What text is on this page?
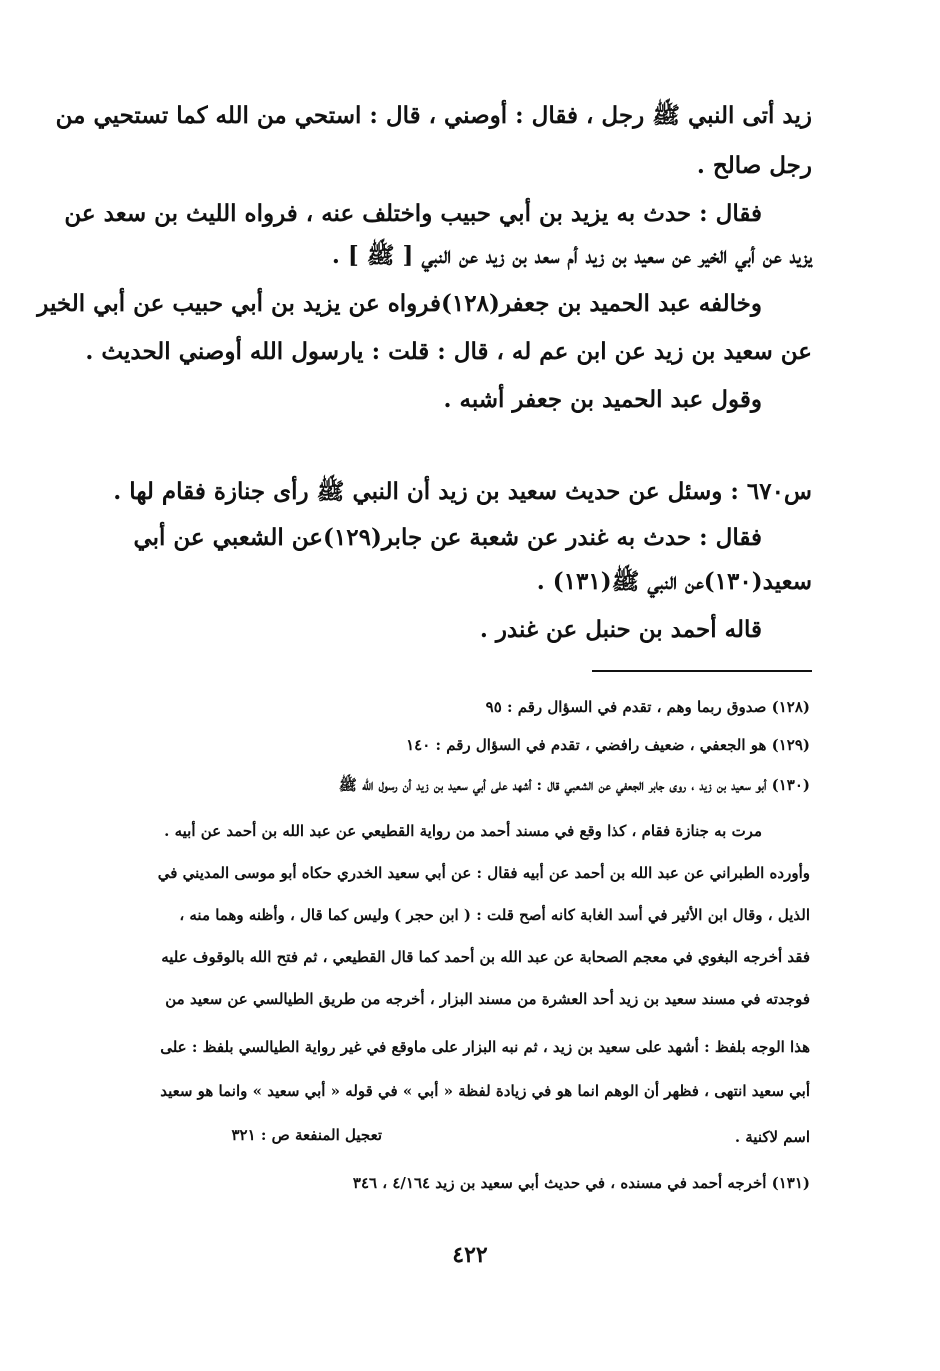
زيد أتى النبي ﷺ رجل ، فقال : أوصني ، قال : استحي من الله كما تستحيي من
رجل صالح .
فقال : حدث به يزيد بن أبي حبيب واختلف عنه ، فرواه الليث بن سعد عن
يزيد عن أبي الخير عن سعيد بن زيد أم سعد بن زيد عن النبي [ ﷺ ] .
وخالفه عبد الحميد بن جعفر(١٢٨)فرواه عن يزيد بن أبي حبيب عن أبي الخير
عن سعيد بن زيد عن ابن عم له ، قال : قلت : يارسول الله أوصني الحديث .
وقول عبد الحميد بن جعفر أشبه .
س٦٧٠ : وسئل عن حديث سعيد بن زيد أن النبي ﷺ رأى جنازة فقام لها .
فقال : حدث به غندر عن شعبة عن جابر(١٢٩)عن الشعبي عن أبي
سعيد(١٣٠)عن النبي ﷺ(١٣١) .
قاله أحمد بن حنبل عن غندر .
(١٢٨) صدوق ربما وهم ، تقدم في السؤال رقم : ٩٥
(١٢٩) هو الجعفي ، ضعيف رافضي ، تقدم في السؤال رقم : ١٤٠
(١٣٠) أبو سعيد بن زيد ، روى جابر الجعفي عن الشعبي قال : أشهد على أبي سعيد بن زيد أن رسول الله ﷺ
مرت به جنازة فقام ، كذا وقع في مسند أحمد من رواية القطيعي عن عبد الله بن أحمد عن أبيه .
وأورده الطبراني عن عبد الله بن أحمد عن أبيه فقال : عن أبي سعيد الخدري حكاه أبو موسى المديني في
الذيل ، وقال ابن الأثير في أسد الغابة كانه أصح قلت : ( ابن حجر ) وليس كما قال ، وأظنه وهما منه ،
فقد أخرجه البغوي في معجم الصحابة عن عبد الله بن أحمد كما قال القطيعي ، ثم فتح الله بالوقوف عليه
فوجدته في مسند سعيد بن زيد أحد العشرة من مسند البزار ، أخرجه من طريق الطيالسي عن سعيد من
هذا الوجه بلفظ : أشهد على سعيد بن زيد ، ثم نبه البزار على ماوقع في غير رواية الطيالسي بلفظ : على
أبي سعيد انتهى ، فظهر أن الوهم انما هو في زيادة لفظة « أبي » في قوله « أبي سعيد » وانما هو سعيد
اسم لاكنية .
تعجيل المنفعة ص : ٣٢١
(١٣١) أخرجه أحمد في مسنده ، في حديث أبي سعيد بن زيد ٤/١٦٤ ، ٣٤٦
٤٢٢
